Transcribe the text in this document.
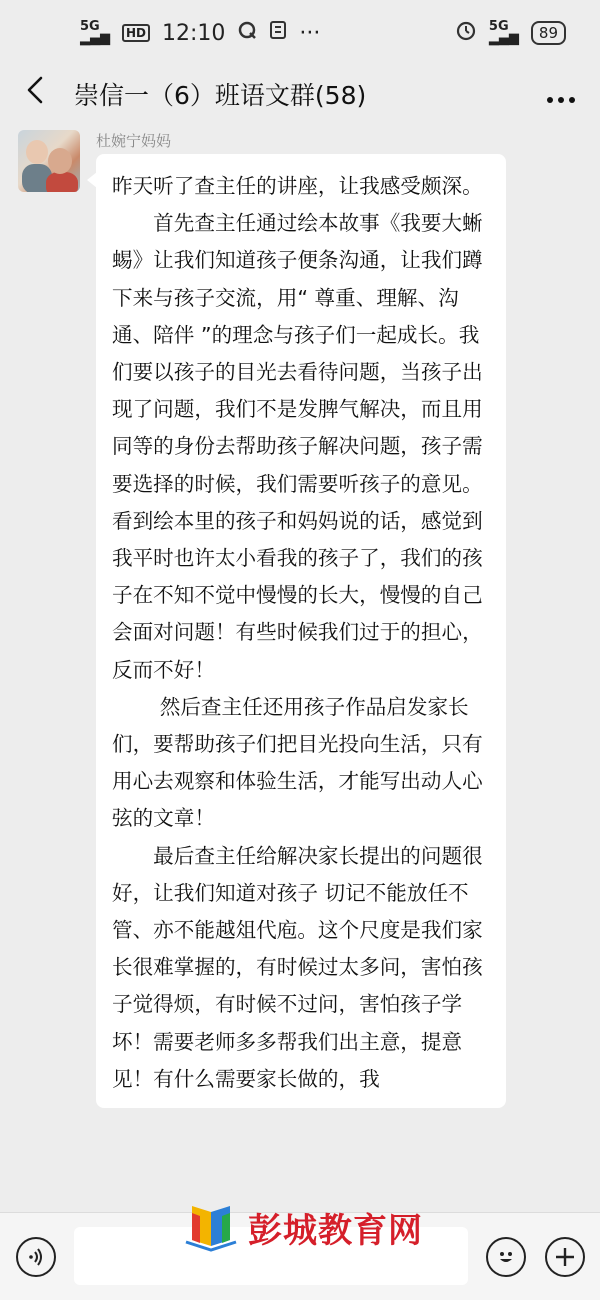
5G
▂▄▆	HD 12:10	···	5G
▂▄▆	89
崇信一（6）班语文群(58)
杜婉宁妈妈

昨天听了查主任的讲座，让我感受颇深。

　　首先查主任通过绘本故事《我要大蜥蜴》让我们知道孩子便条沟通，让我们蹲下来与孩子交流，用“ 尊重、理解、沟通、陪伴 ”的理念与孩子们一起成长。我们要以孩子的目光去看待问题，当孩子出现了问题，我们不是发脾气解决，而且用同等的身份去帮助孩子解决问题，孩子需要选择的时候，我们需要听孩子的意见。看到绘本里的孩子和妈妈说的话，感觉到我平时也许太小看我的孩子了，我们的孩子在不知不觉中慢慢的长大，慢慢的自己会面对问题！有些时候我们过于的担心，反而不好！

　　 然后查主任还用孩子作品启发家长们，要帮助孩子们把目光投向生活，只有用心去观察和体验生活，才能写出动人心弦的文章！

　　最后查主任给解决家长提出的问题很好，让我们知道对孩子 切记不能放任不管、亦不能越俎代庖。这个尺度是我们家长很难掌握的，有时候过太多问，害怕孩子觉得烦，有时候不过问，害怕孩子学坏！需要老师多多帮我们出主意，提意见！有什么需要家长做的，我

彭城教育网
